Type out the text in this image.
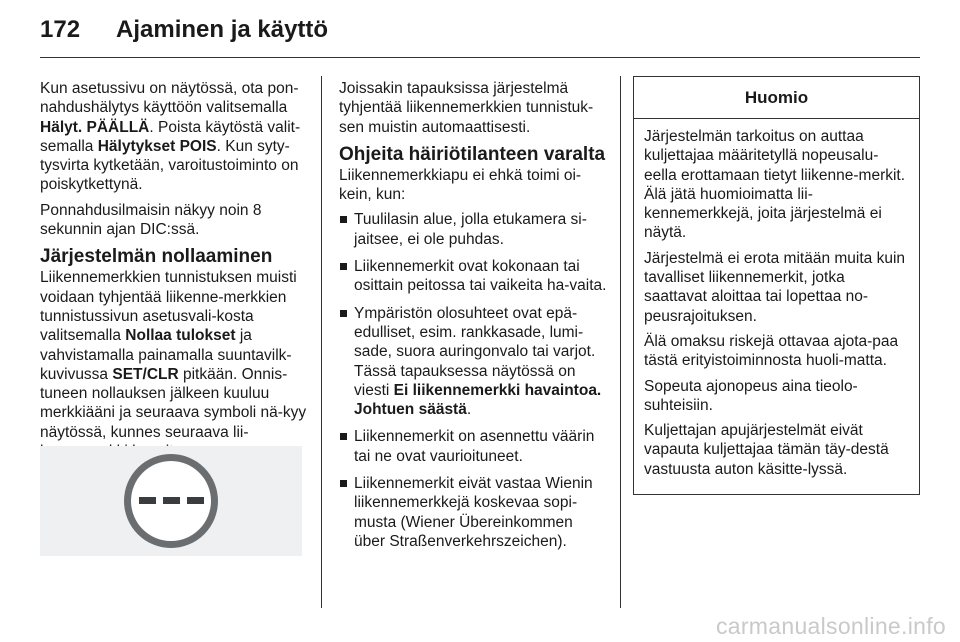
172 Ajaminen ja käyttö

Kun asetussivu on näytössä, ota pon-nahdushälytys käyttöön valitsemalla Hälyt. PÄÄLLÄ. Poista käytöstä valit-semalla Hälytykset POIS. Kun syty-tysvirta kytketään, varoitustoiminto on poiskytkettynä.

Ponnahdusilmaisin näkyy noin 8 sekunnin ajan DIC:ssä.

Järjestelmän nollaaminen

Liikennemerkkien tunnistuksen muisti voidaan tyhjentää liikenne-merkkien tunnistussivun asetusvali-kosta valitsemalla Nollaa tulokset ja vahvistamalla painamalla suuntavilk-kuvivussa SET/CLR pitkään. Onnis-tuneen nollauksen jälkeen kuuluu merkkiääni ja seuraava symboli nä-kyy näytössä, kunnes seuraava lii-

Joissakin tapauksissa järjestelmä tyhjentää liikennemerkkien tunnistuk-sen muistin automaattisesti.

Ohjeita häiriötilanteen varalta

Liikennemerkkiapu ei ehkä toimi oi-kein, kun:

Tuulilasin alue, jolla etukamera si-jaitsee, ei ole puhdas.
Liikennemerkit ovat kokonaan tai osittain peitossa tai vaikeita ha-vaita.
Ympäristön olosuhteet ovat epä-edulliset, esim. rankkasade, lumi-sade, suora auringonvalo tai varjot. Tässä tapauksessa näytössä on viesti Ei liikennemerkki havaintoa. Johtuen säästä.
Liikennemerkit on asennettu väärin tai ne ovat vaurioituneet.
Liikennemerkit eivät vastaa Wienin liikennemerkkejä koskevaa sopi-musta (Wiener Übereinkommen über Straßenverkehrszeichen).
Huomio

Järjestelmän tarkoitus on auttaa kuljettajaa määritetyllä nopeusalu-eella erottamaan tietyt liikenne-merkit. Älä jätä huomioimatta lii-kennemerkkejä, joita järjestelmä ei näytä.

Järjestelmä ei erota mitään muita kuin tavalliset liikennemerkit, jotka saattavat aloittaa tai lopettaa no-peusrajoituksen.

Älä omaksu riskejä ottavaa ajota-paa tästä erityistoiminnosta huoli-matta.

Sopeuta ajonopeus aina tieolo-suhteisiin.

Kuljettajan apujärjestelmät eivät vapauta kuljettajaa tämän täy-destä vastuusta auton käsitte-lyssä.

carmanualsonline.info
